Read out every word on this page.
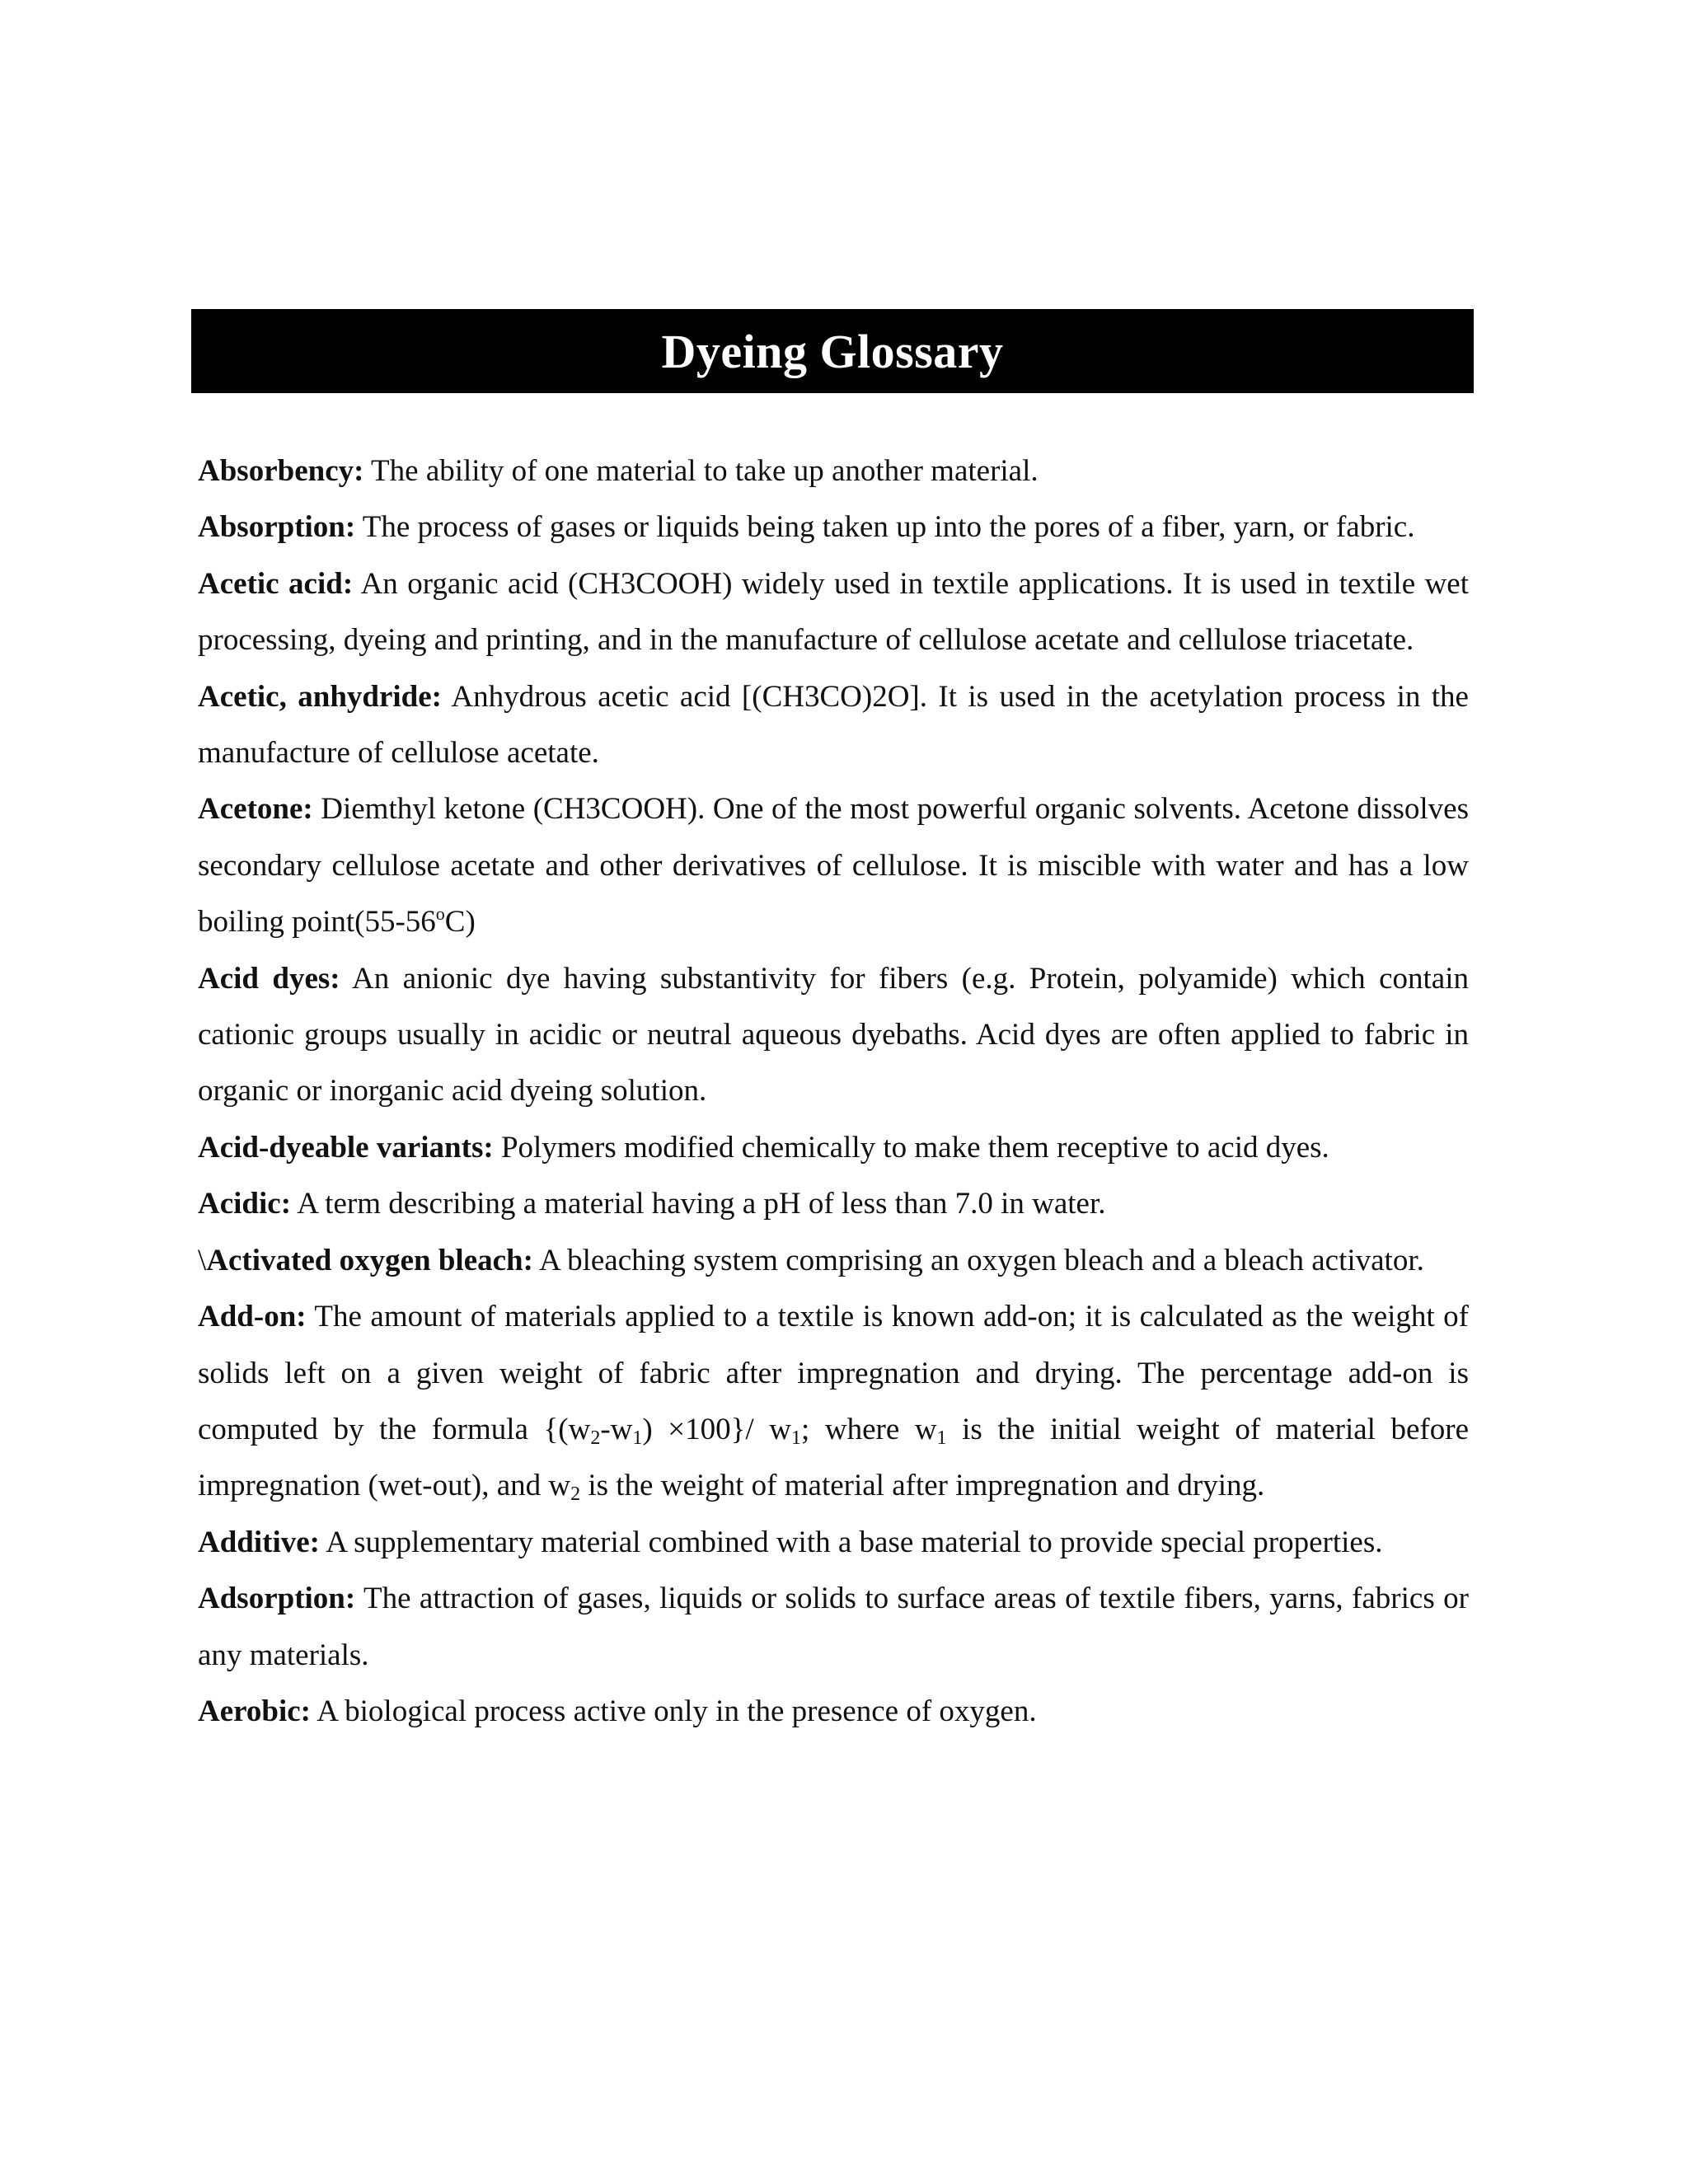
Dyeing Glossary

Absorbency: The ability of one material to take up another material.

Absorption: The process of gases or liquids being taken up into the pores of a fiber, yarn, or fabric.

Acetic acid: An organic acid (CH3COOH) widely used in textile applications. It is used in textile wet processing, dyeing and printing, and in the manufacture of cellulose acetate and cellulose triacetate.

Acetic, anhydride: Anhydrous acetic acid [(CH3CO)2O]. It is used in the acetylation process in the manufacture of cellulose acetate.

Acetone: Diemthyl ketone (CH3COOH). One of the most powerful organic solvents. Acetone dissolves secondary cellulose acetate and other derivatives of cellulose. It is miscible with water and has a low boiling point(55-56$^o$C)

Acid dyes: An anionic dye having substantivity for fibers (e.g. Protein, polyamide) which contain cationic groups usually in acidic or neutral aqueous dyebaths. Acid dyes are often applied to fabric in organic or inorganic acid dyeing solution.

Acid-dyeable variants: Polymers modified chemically to make them receptive to acid dyes.

Acidic: A term describing a material having a pH of less than 7.0 in water.

\Activated oxygen bleach: A bleaching system comprising an oxygen bleach and a bleach activator.

Add-on: The amount of materials applied to a textile is known add-on; it is calculated as the weight of solids left on a given weight of fabric after impregnation and drying. The percentage add-on is computed by the formula $\{(w_2-w_1) \times 100\}/$ $w_1$; where $w_1$ is the initial weight of material before impregnation (wet-out), and $w_2$ is the weight of material after impregnation and drying.

Additive: A supplementary material combined with a base material to provide special properties.

Adsorption: The attraction of gases, liquids or solids to surface areas of textile fibers, yarns, fabrics or any materials.

Aerobic: A biological process active only in the presence of oxygen.
